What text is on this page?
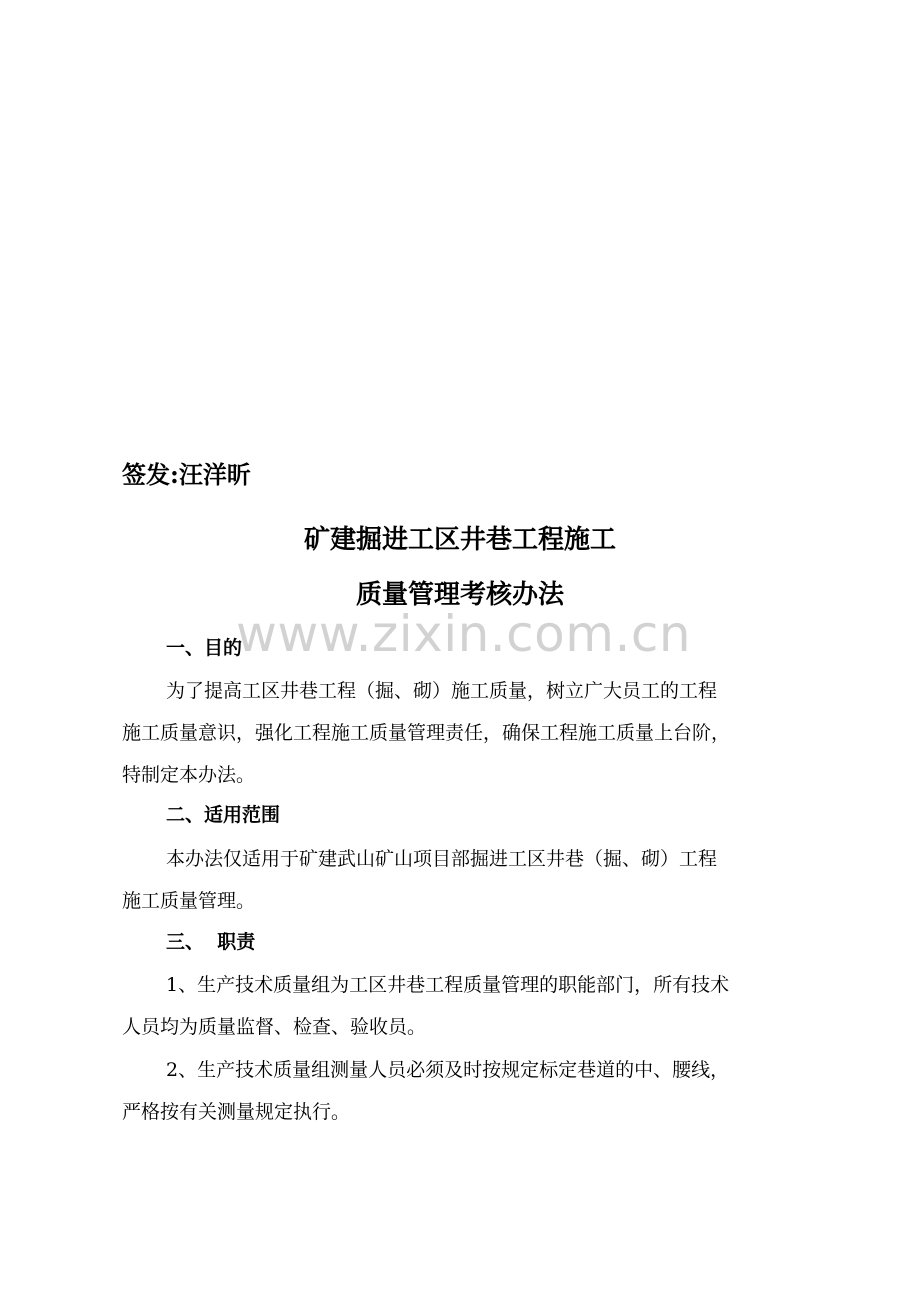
签发:汪洋昕
矿建掘进工区井巷工程施工
质量管理考核办法
www.zixin.com.cn
一、目的
为了提高工区井巷工程（掘、砌）施工质量，树立广大员工的工程
施工质量意识，强化工程施工质量管理责任，确保工程施工质量上台阶，
特制定本办法。
二、适用范围
本办法仅适用于矿建武山矿山项目部掘进工区井巷（掘、砌）工程
施工质量管理。
三、  职责
1、生产技术质量组为工区井巷工程质量管理的职能部门，所有技术
人员均为质量监督、检查、验收员。
2、生产技术质量组测量人员必须及时按规定标定巷道的中、腰线，
严格按有关测量规定执行。
